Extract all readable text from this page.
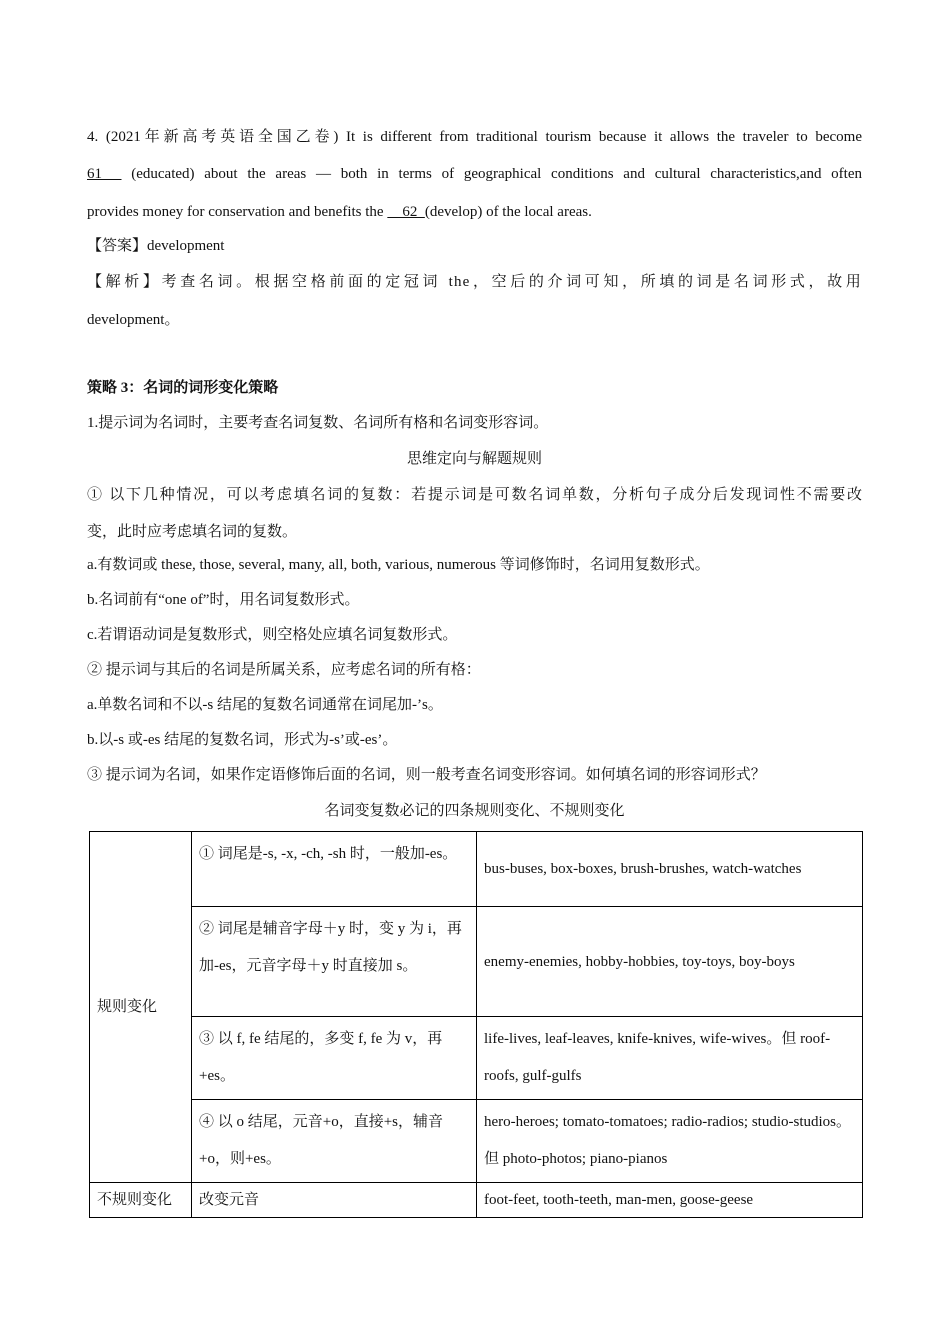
4. (2021年新高考英语全国乙卷) It is different from traditional tourism because it allows the traveler to become
61   (educated) about the areas — both in terms of geographical conditions and cultural characteristics,and often
provides money for conservation and benefits the     62  (develop) of the local areas.
【答案】development
【解析】考查名词。根据空格前面的定冠词 the，空后的介词可知，所填的词是名词形式，故用
development。
策略 3：名词的词形变化策略
1.提示词为名词时，主要考查名词复数、名词所有格和名词变形容词。
思维定向与解题规则
① 以下几种情况，可以考虑填名词的复数：若提示词是可数名词单数，分析句子成分后发现词性不需要改
变，此时应考虑填名词的复数。
a.有数词或 these, those, several, many, all, both, various, numerous 等词修饰时，名词用复数形式。
b.名词前有“one of”时，用名词复数形式。
c.若谓语动词是复数形式，则空格处应填名词复数形式。
② 提示词与其后的名词是所属关系，应考虑名词的所有格：
a.单数名词和不以-s 结尾的复数名词通常在词尾加-’s。
b.以-s 或-es 结尾的复数名词，形式为-s’或-es’。
③ 提示词为名词，如果作定语修饰后面的名词，则一般考查名词变形容词。如何填名词的形容词形式？
名词变复数必记的四条规则变化、不规则变化
规则变化	① 词尾是-s, -x, -ch, -sh 时，一般加-es。	bus-buses, box-boxes, brush-brushes, watch-watches
	② 词尾是辅音字母＋y 时，变 y 为 i，再加-es，元音字母＋y 时直接加 s。	enemy-enemies, hobby-hobbies, toy-toys, boy-boys
	③ 以 f, fe 结尾的，多变 f, fe 为 v，再+es。	life-lives, leaf-leaves, knife-knives, wife-wives。但 roof-roofs, gulf-gulfs
	④ 以 o 结尾，元音+o，直接+s，辅音+o，则+es。	hero-heroes; tomato-tomatoes; radio-radios; studio-studios。但 photo-photos; piano-pianos
不规则变化	改变元音	foot-feet, tooth-teeth, man-men, goose-geese
